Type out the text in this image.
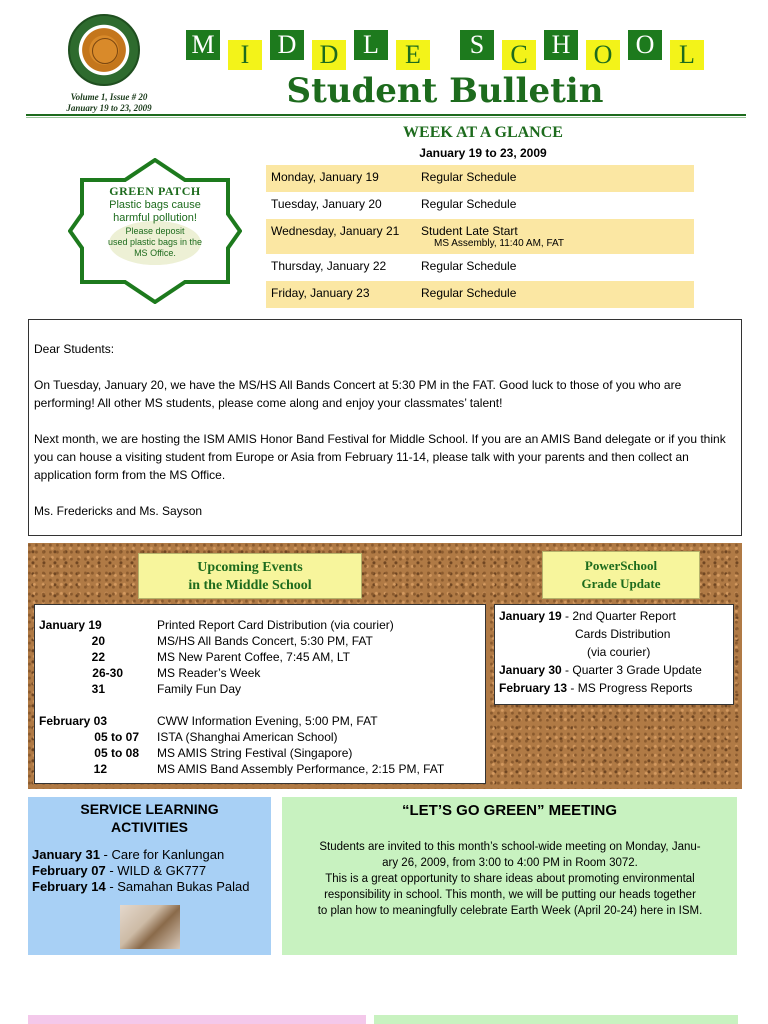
Volume 1, Issue # 20
January 19 to 23, 2009
M	I	D D L	E	S	C H O O L
Student Bulletin
GREEN PATCH
Plastic bags cause
harmful pollution!
Please deposit
used plastic bags in the
MS Office.
WEEK AT A GLANCE
January 19 to 23, 2009
Monday, January 19	Regular Schedule
Tuesday, January 20	Regular Schedule
Wednesday, January 21 Student Late Start
MS Assembly, 11:40 AM, FAT
Thursday, January 22	Regular Schedule
Friday, January 23	Regular Schedule

Dear Students:

On Tuesday, January 20, we have the MS/HS All Bands Concert at 5:30 PM in the FAT. Good luck to those of you who are performing! All other MS students, please come along and enjoy your classmates’ talent!

Next month, we are hosting the ISM AMIS Honor Band Festival for Middle School. If you are an AMIS Band delegate or if you think you can house a visiting student from Europe or Asia from February 11-14, please talk with your parents and then collect an application form from the MS Office.

Ms. Fredericks and Ms. Sayson

Upcoming Events
in the Middle School
PowerSchool
Grade Update
January 19	Printed Report Card Distribution (via courier)
20	MS/HS All Bands Concert, 5:30 PM, FAT
22	MS New Parent Coffee, 7:45 AM, LT
26-30	MS Reader’s Week
31	Family Fun Day
February 03	CWW Information Evening, 5:00 PM, FAT
05 to 07 ISTA (Shanghai American School)
05 to 08 MS AMIS String Festival (Singapore)
12	MS AMIS Band Assembly Performance, 2:15 PM, FAT
January 19 - 2nd Quarter Report
Cards Distribution
(via courier)
January 30 - Quarter 3 Grade Update
February 13 - MS Progress Reports
SERVICE LEARNING
ACTIVITIES
January 31 - Care for Kanlungan
February 07 - WILD & GK777
February 14 - Samahan Bukas Palad
“LET’S GO GREEN” MEETING
Students are invited to this month’s school-wide meeting on Monday, Janu-
ary 26, 2009, from 3:00 to 4:00 PM in Room 3072.
This is a great opportunity to share ideas about promoting environmental
responsibility in school. This month, we will be putting our heads together
to plan how to meaningfully celebrate Earth Week (April 20-24) here in ISM.
